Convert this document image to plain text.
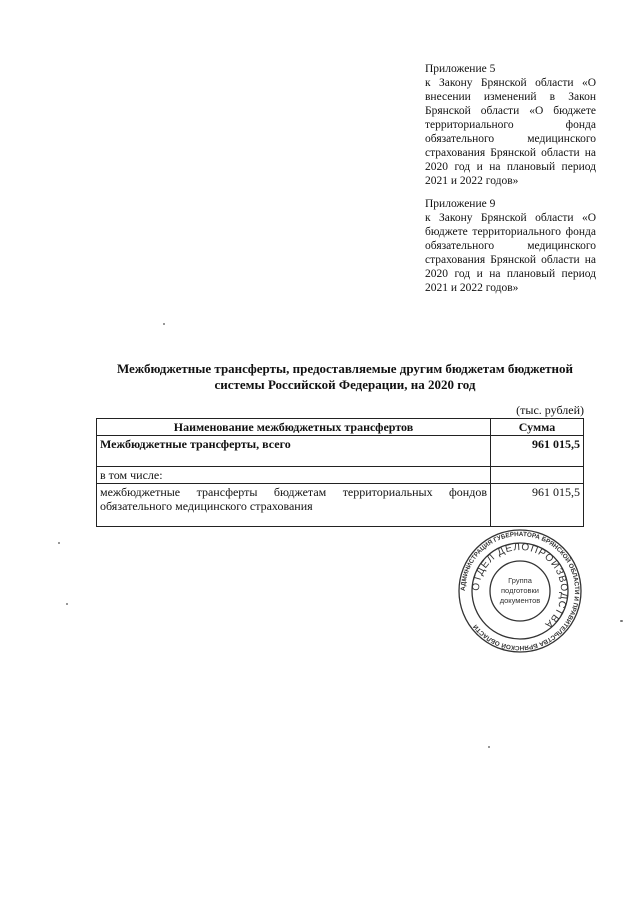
Приложение 5
к Закону Брянской области «О внесении изменений в Закон Брянской области «О бюджете территориального фонда обязательного медицинского страхования Брянской области на 2020 год и на плановый период 2021 и 2022 годов»
Приложение 9
к Закону Брянской области «О бюджете территориального фонда обязательного медицинского страхования Брянской области на 2020 год и на плановый период 2021 и 2022 годов»
Межбюджетные трансферты, предоставляемые другим бюджетам бюджетной системы Российской Федерации, на 2020 год
(тыс. рублей)
Наименование межбюджетных трансфертов	Сумма
Межбюджетные трансферты, всего	961 015,5
в том числе:	
межбюджетные трансферты бюджетам территориальных фондов обязательного медицинского страхования	961 015,5
АДМИНИСТРАЦИЯ ГУБЕРНАТОРА БРЯНСКОЙ ОБЛАСТИ И ПРАВИТЕЛЬСТВА БРЯНСКОЙ ОБЛАСТИ
ОТДЕЛ ДЕЛОПРОИЗВОДСТВА
Группа
подготовки
документов
